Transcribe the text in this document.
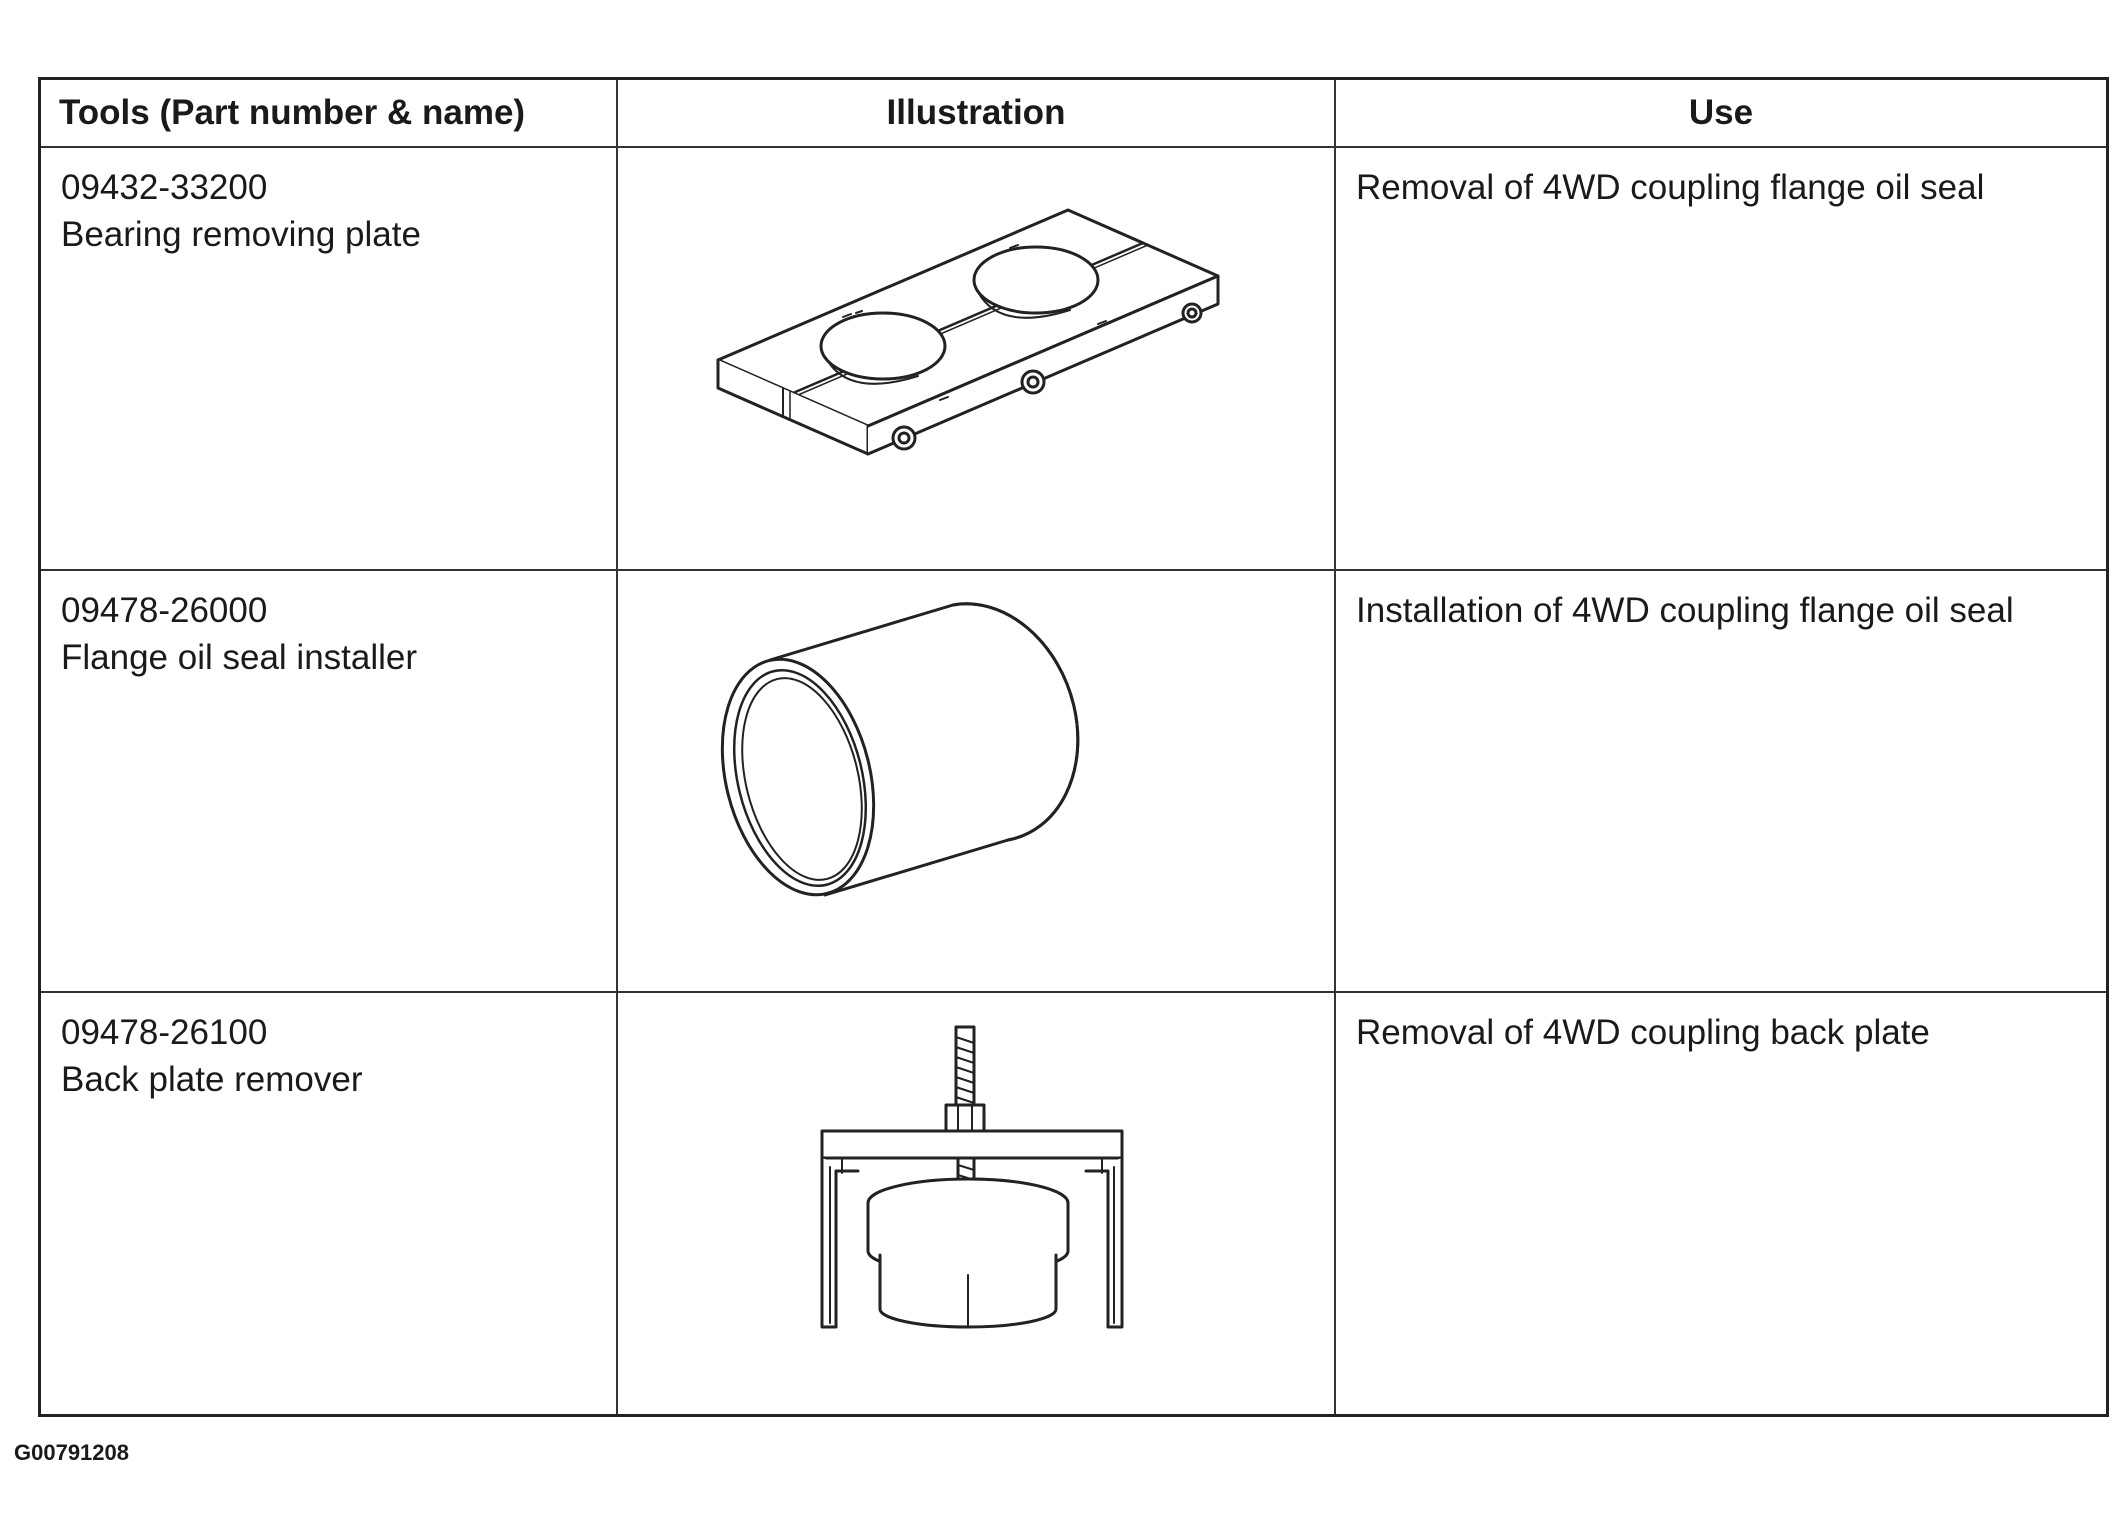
Tools (Part number & name)	Illustration	Use

09432-33200
Bearing removing plate		Removal of 4WD coupling flange oil seal

09478-26000
Flange oil seal installer		Installation of 4WD coupling flange oil seal

09478-26100
Back plate remover		Removal of 4WD coupling back plate
G00791208
